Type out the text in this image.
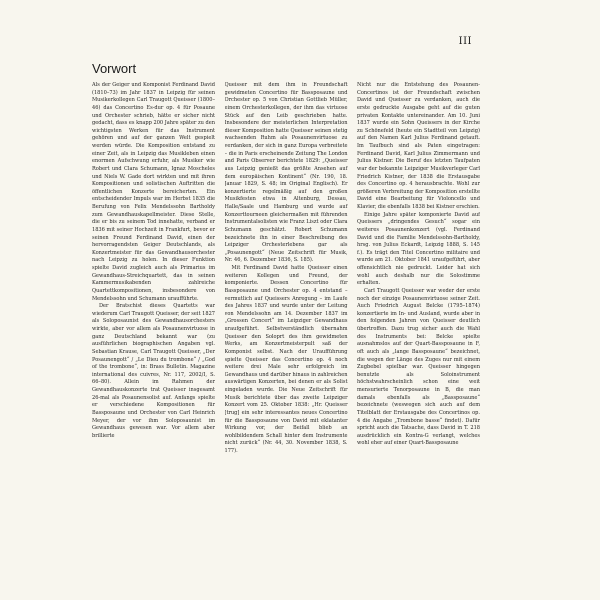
III
Vorwort

Als der Geiger und Komponist Ferdinand David (1810–73) im Jahr 1837 in Leipzig für seinen Musikerkollegen Carl Traugott Queisser (1800–46) das Concertino Es-dur op. 4 für Posaune und Orchester schrieb, hätte er sicher nicht gedacht, dass es knapp 200 Jahre später zu den wichtigsten Werken für das Instrument gehören und auf der ganzen Welt gespielt werden würde. Die Komposition entstand zu einer Zeit, als in Leipzig das Musikleben einen enormen Aufschwung erfuhr, als Musiker wie Robert und Clara Schumann, Ignaz Moscheles und Niels W. Gade dort wirkten und mit ihren Kompositionen und solistischen Auftritten die öffentlichen Konzerte bereicherten. Ein entscheidender Impuls war im Herbst 1835 die Berufung von Felix Mendelssohn Bartholdy zum Gewandhauskapellmeister. Diese Stelle, die er bis zu seinem Tod innehatte, verband er 1836 mit seiner Hochzeit in Frankfurt, bevor er seinen Freund Ferdinand David, einen der hervorragendsten Geiger Deutschlands, als Konzertmeister für das Gewandhausorchester nach Leipzig zu holen. In dieser Funktion spielte David zugleich auch als Primarius im Gewandhaus-Streichquartett, das in seinen Kammermusikabenden zahlreiche Quartettkompositionen, insbesondere von Mendelssohn und Schumann uraufführte.

Der Bratschist dieses Quartetts war wiederum Carl Traugott Queisser, der seit 1827 als Soloposaunist des Gewandhausorchesters wirkte, aber vor allem als Posaunenvirtuose in ganz Deutschland bekannt war (zu ausführlichen biographischen Angaben vgl. Sebastian Krause, Carl Traugott Queisser, „Der Posaunengott“ / „Le Dieu du trombone“ / „God of the trombone“, in: Brass Bulletin. Magazine international des cuivres, Nr. 117, 2002/I, S. 66–80). Allein im Rahmen der Gewandhauskonzerte trat Queisser insgesamt 26-mal als Posaunensolist auf. Anfangs spielte er verschiedene Kompositionen für Bassposaune und Orchester von Carl Heinrich Meyer, der vor ihm Soloposaunist im Gewandhaus gewesen war. Vor allem aber brillierte

Queisser mit dem ihm in Freundschaft gewidmeten Concertino für Bassposaune und Orchester op. 5 von Christian Gottlieb Müller, einem Orchesterkollegen, der ihm das virtuose Stück auf den Leib geschrieben hatte. Insbesondere der meisterlichen Interpretation dieser Komposition hatte Queisser seinen stetig wachsenden Ruhm als Posaunenvirtuose zu verdanken, der sich in ganz Europa verbreitete – die in Paris erscheinende Zeitung The London and Paris Observer berichtete 1829: „Queisser aus Leipzig genießt das größte Ansehen auf dem europäischen Kontinent“ (Nr. 190, 18. Januar 1829, S. 48; im Original Englisch). Er konzertierte regelmäßig auf den großen Musikfesten etwa in Altenburg, Dessau, Halle/Saale und Hamburg und wurde auf Konzerttourneen gleichermaßen mit führenden Instrumentalsolisten wie Franz Liszt oder Clara Schumann geschätzt. Robert Schumann bezeichnete ihn in einer Beschreibung des Leipziger Orchesterlebens gar als „Posaunengott“ (Neue Zeitschrift für Musik, Nr. 46, 6. Dezember 1836, S. 185).

Mit Ferdinand David hatte Queisser einen weiteren Kollegen und Freund, der komponierte. Dessen Concertino für Bassposaune und Orchester op. 4 entstand – vermutlich auf Queissers Anregung – im Laufe des Jahres 1837 und wurde unter der Leitung von Mendelssohn am 14. Dezember 1837 im „Grossen Concert“ im Leipziger Gewandhaus uraufgeführt. Selbstverständlich übernahm Queisser den Soloprt des ihm gewidmeten Werks, am Konzertmeisterpult saß der Komponist selbst. Nach der Uraufführung spielte Queisser das Concertino op. 4 noch weitere drei Male sehr erfolgreich im Gewandhaus und darüber hinaus in zahlreichen auswärtigen Konzerten, bei denen er als Solist eingeladen wurde. Die Neue Zeitschrift für Musik berichtete über das zweite Leipziger Konzert vom 25. Oktober 1838: „Hr. Queisser [trug] ein sehr interessantes neues Concertino für die Bassposaune von David mit eklatanter Wirkung vor, der Beifall blieb an wohlbildendem Schall hinter dem Instrumente nicht zurück“ (Nr. 44, 30. November 1838, S. 177).

Nicht nur die Entstehung des Posaunen-Concertinos ist der Freundschaft zwischen David und Queisser zu verdanken, auch die erste gedruckte Ausgabe geht auf die guten privaten Kontakte untereinander. Am 10. Juni 1837 wurde ein Sohn Queissers in der Kirche zu Schönefeld (heute ein Stadtteil von Leipzig) auf den Namen Karl Julius Ferdinand getauft. Im Taufbuch sind als Paten eingetragen: Ferdinand David, Karl Julius Zimmermann und Julius Kistner. Die Beruf des letzten Taufpaten war der bekannte Leipziger Musikverleger Carl Friedrich Kistner, der 1838 die Erstausgabe des Concertino op. 4 herausbrachte. Wohl zur größeren Verbreitung der Komposition erstellte David eine Bearbeitung für Violoncello und Klavier, die ebenfalls 1838 bei Kistner erschien.

Einige Jahre später komponierte David auf Queissers „dringendes Gesuch“ sogar ein weiteres Posaunenkonzert (vgl. Ferdinand David und die Familie Mendelssohn-Bartholdy, hrsg. von Julius Eckardt, Leipzig 1888, S. 145 f.). Es trägt den Titel Concertino militaire und wurde am 21. Oktober 1841 uraufgeführt, aber offensichtlich nie gedruckt. Leider hat sich wohl auch deshalb nur die Solostimme erhalten.

Carl Traugott Queisser war weder der erste noch der einzige Posaunenvirtuose seiner Zeit. Auch Friedrich August Belcke (1795–1874) konzertierte im In- und Ausland, wurde aber in den folgenden Jahren von Queisser deutlich übertroffen. Dazu trug sicher auch die Wahl des Instruments bei: Belcke spielte ausnahmslos auf der Quart-Bassposaune in F, oft auch als „lange Bassposaune“ bezeichnet, die wegen der Länge des Zuges nur mit einem Zugbebel spielbar war. Queisser hingegen benutzte als Soloinstrument höchstwahrscheinlich schon eine weit mensurierte Tenorposaune in B, die man damals ebenfalls als „Bassposaune“ bezeichnete (weswegen sich auch auf dem Titelblatt der Erstausgabe des Concertinos op. 4 die Angabe „Trombone basse“ findet). Dafür spricht auch die Tatsache, dass David in T. 218 ausdrücklich ein Kontra-G verlangt, welches wohl eher auf einer Quart-Bassposaune
